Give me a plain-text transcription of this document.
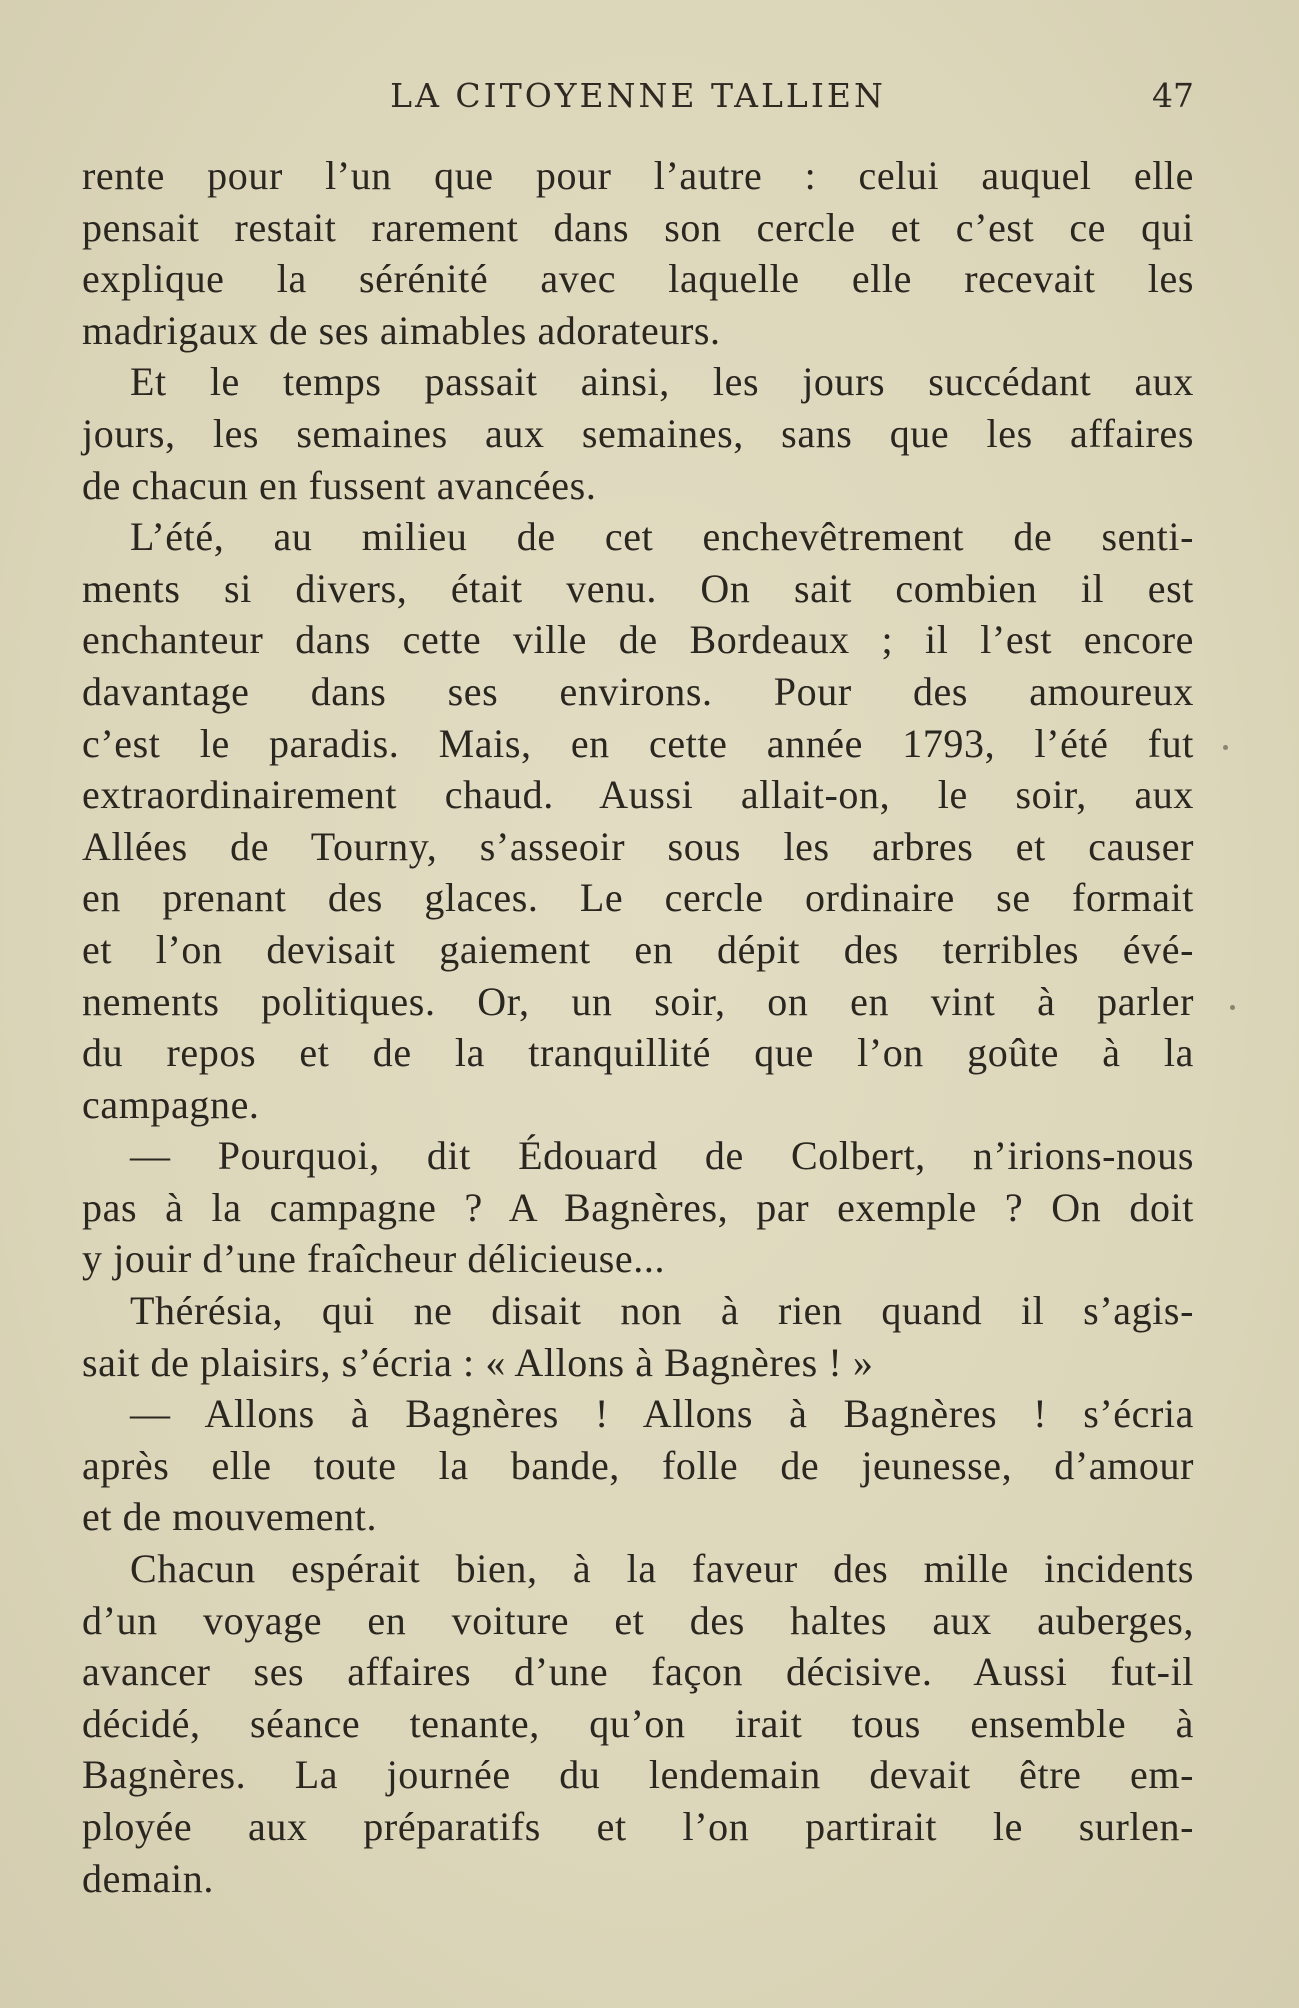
LA CITOYENNE TALLIEN	47
rente pour l’un que pour l’autre : celui auquel elle
pensait restait rarement dans son cercle et c’est ce qui
explique la sérénité avec laquelle elle recevait les
madrigaux de ses aimables adorateurs.
Et le temps passait ainsi, les jours succédant aux
jours, les semaines aux semaines, sans que les affaires
de chacun en fussent avancées.
L’été, au milieu de cet enchevêtrement de senti-
ments si divers, était venu. On sait combien il est
enchanteur dans cette ville de Bordeaux ; il l’est encore
davantage dans ses environs. Pour des amoureux
c’est le paradis. Mais, en cette année 1793, l’été fut
extraordinairement chaud. Aussi allait-on, le soir, aux
Allées de Tourny, s’asseoir sous les arbres et causer
en prenant des glaces. Le cercle ordinaire se formait
et l’on devisait gaiement en dépit des terribles évé-
nements politiques. Or, un soir, on en vint à parler
du repos et de la tranquillité que l’on goûte à la
campagne.
— Pourquoi, dit Édouard de Colbert, n’irions-nous
pas à la campagne ? A Bagnères, par exemple ? On doit
y jouir d’une fraîcheur délicieuse...
Thérésia, qui ne disait non à rien quand il s’agis-
sait de plaisirs, s’écria : « Allons à Bagnères ! »
— Allons à Bagnères ! Allons à Bagnères ! s’écria
après elle toute la bande, folle de jeunesse, d’amour
et de mouvement.
Chacun espérait bien, à la faveur des mille incidents
d’un voyage en voiture et des haltes aux auberges,
avancer ses affaires d’une façon décisive. Aussi fut-il
décidé, séance tenante, qu’on irait tous ensemble à
Bagnères. La journée du lendemain devait être em-
ployée aux préparatifs et l’on partirait le surlen-
demain.
